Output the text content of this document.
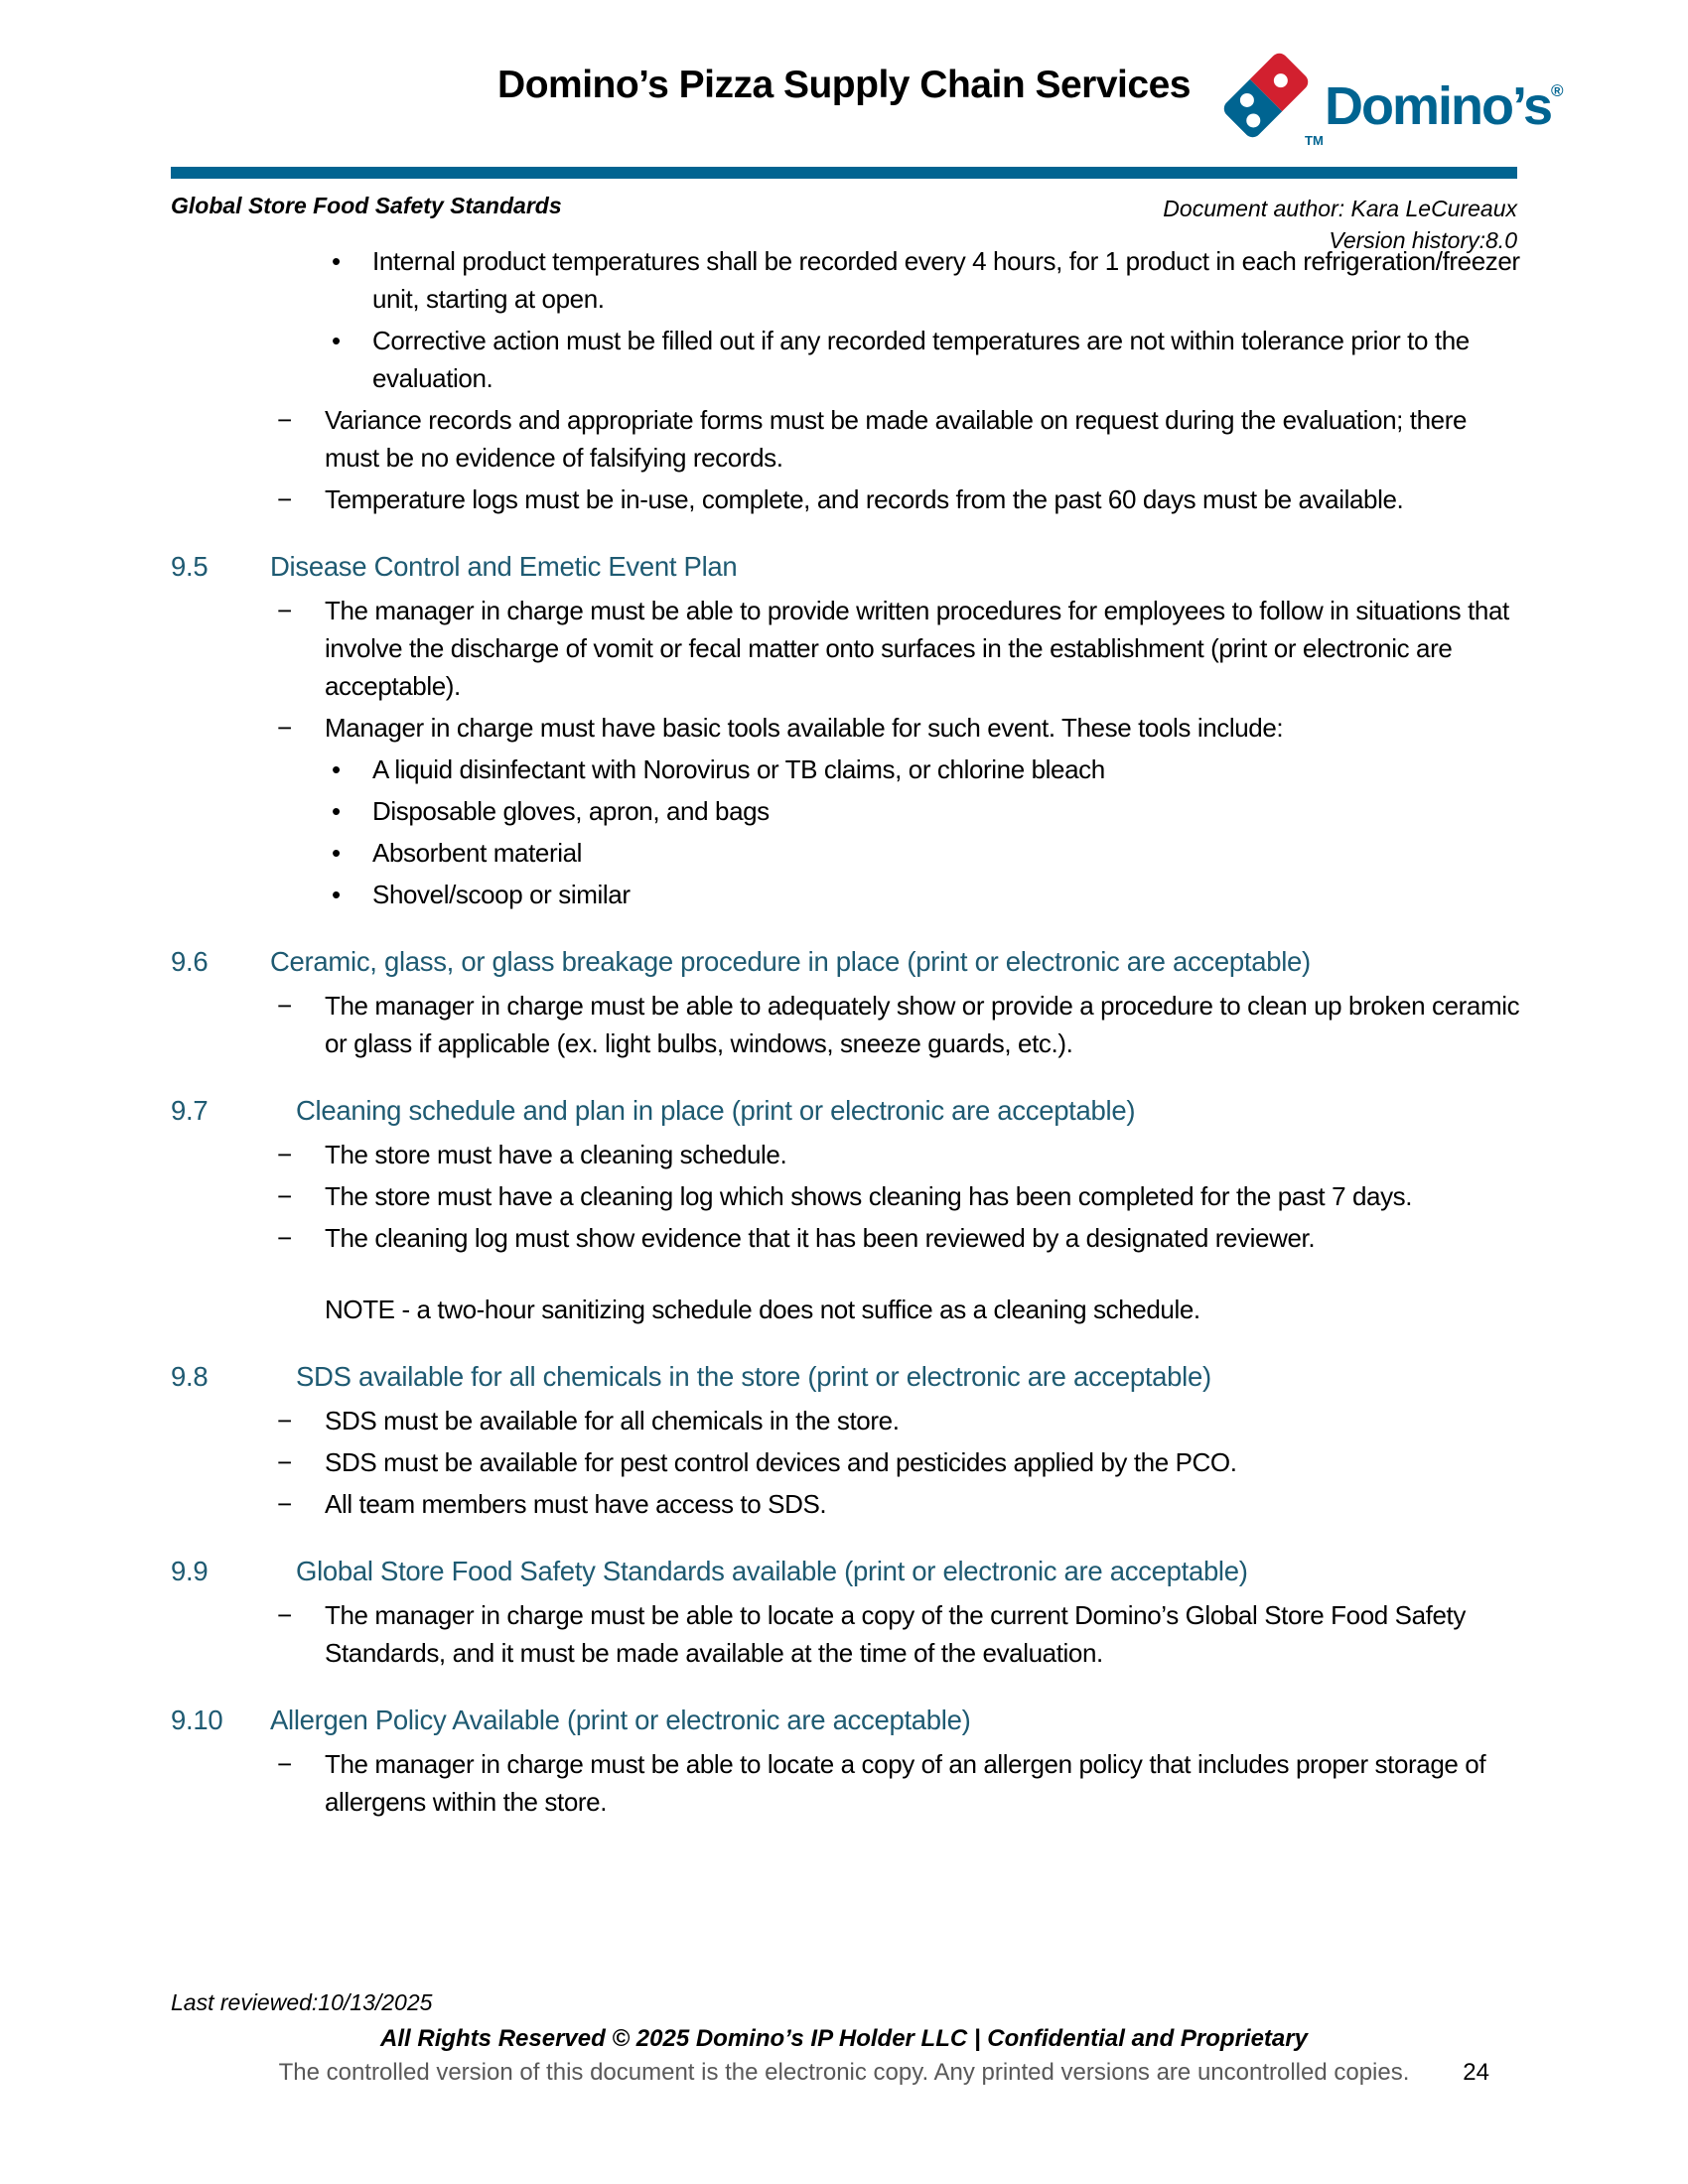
Domino’s Pizza Supply Chain Services
TM
Domino’s®
Global Store Food Safety Standards	Document author: Kara LeCureaux
Version history:8.0
•	Internal product temperatures shall be recorded every 4 hours, for 1 product in each refrigeration/freezer unit, starting at open.
•	Corrective action must be filled out if any recorded temperatures are not within tolerance prior to the evaluation.
−	Variance records and appropriate forms must be made available on request during the evaluation; there must be no evidence of falsifying records.
−	Temperature logs must be in-use, complete, and records from the past 60 days must be available.
9.5	Disease Control and Emetic Event Plan
−	The manager in charge must be able to provide written procedures for employees to follow in situations that involve the discharge of vomit or fecal matter onto surfaces in the establishment (print or electronic are acceptable).
−	Manager in charge must have basic tools available for such event. These tools include:
•	A liquid disinfectant with Norovirus or TB claims, or chlorine bleach
•	Disposable gloves, apron, and bags
•	Absorbent material
•	Shovel/scoop or similar
9.6	Ceramic, glass, or glass breakage procedure in place (print or electronic are acceptable)
−	The manager in charge must be able to adequately show or provide a procedure to clean up broken ceramic or glass if applicable (ex. light bulbs, windows, sneeze guards, etc.).
9.7	Cleaning schedule and plan in place (print or electronic are acceptable)
−	The store must have a cleaning schedule.
−	The store must have a cleaning log which shows cleaning has been completed for the past 7 days.
−	The cleaning log must show evidence that it has been reviewed by a designated reviewer.
NOTE - a two-hour sanitizing schedule does not suffice as a cleaning schedule.
9.8	SDS available for all chemicals in the store (print or electronic are acceptable)
−	SDS must be available for all chemicals in the store.
−	SDS must be available for pest control devices and pesticides applied by the PCO.
−	All team members must have access to SDS.
9.9	Global Store Food Safety Standards available (print or electronic are acceptable)
−	The manager in charge must be able to locate a copy of the current Domino’s Global Store Food Safety Standards, and it must be made available at the time of the evaluation.
9.10	Allergen Policy Available (print or electronic are acceptable)
−	The manager in charge must be able to locate a copy of an allergen policy that includes proper storage of allergens within the store.
Last reviewed:10/13/2025
All Rights Reserved © 2025 Domino’s IP Holder LLC | Confidential and Proprietary
The controlled version of this document is the electronic copy. Any printed versions are uncontrolled copies.	24
